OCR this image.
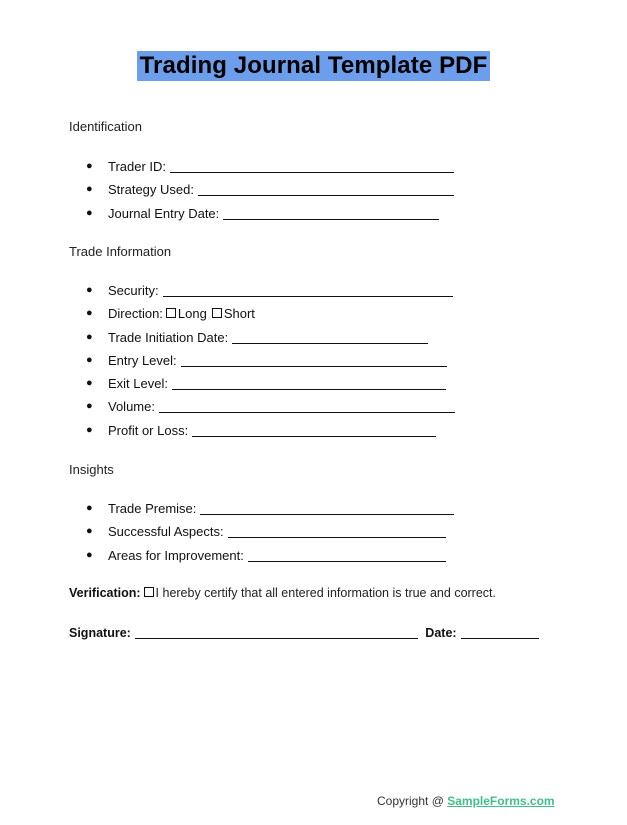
Trading Journal Template PDF
Identification
● Trader ID:
● Strategy Used:
● Journal Entry Date:
Trade Information
● Security:
● Direction: Long Short
● Trade Initiation Date:
● Entry Level:
● Exit Level:
● Volume:
● Profit or Loss:
Insights
● Trade Premise:
● Successful Aspects:
● Areas for Improvement:
Verification: I hereby certify that all entered information is true and correct.
Signature:	Date:
Copyright @ SampleForms.com
